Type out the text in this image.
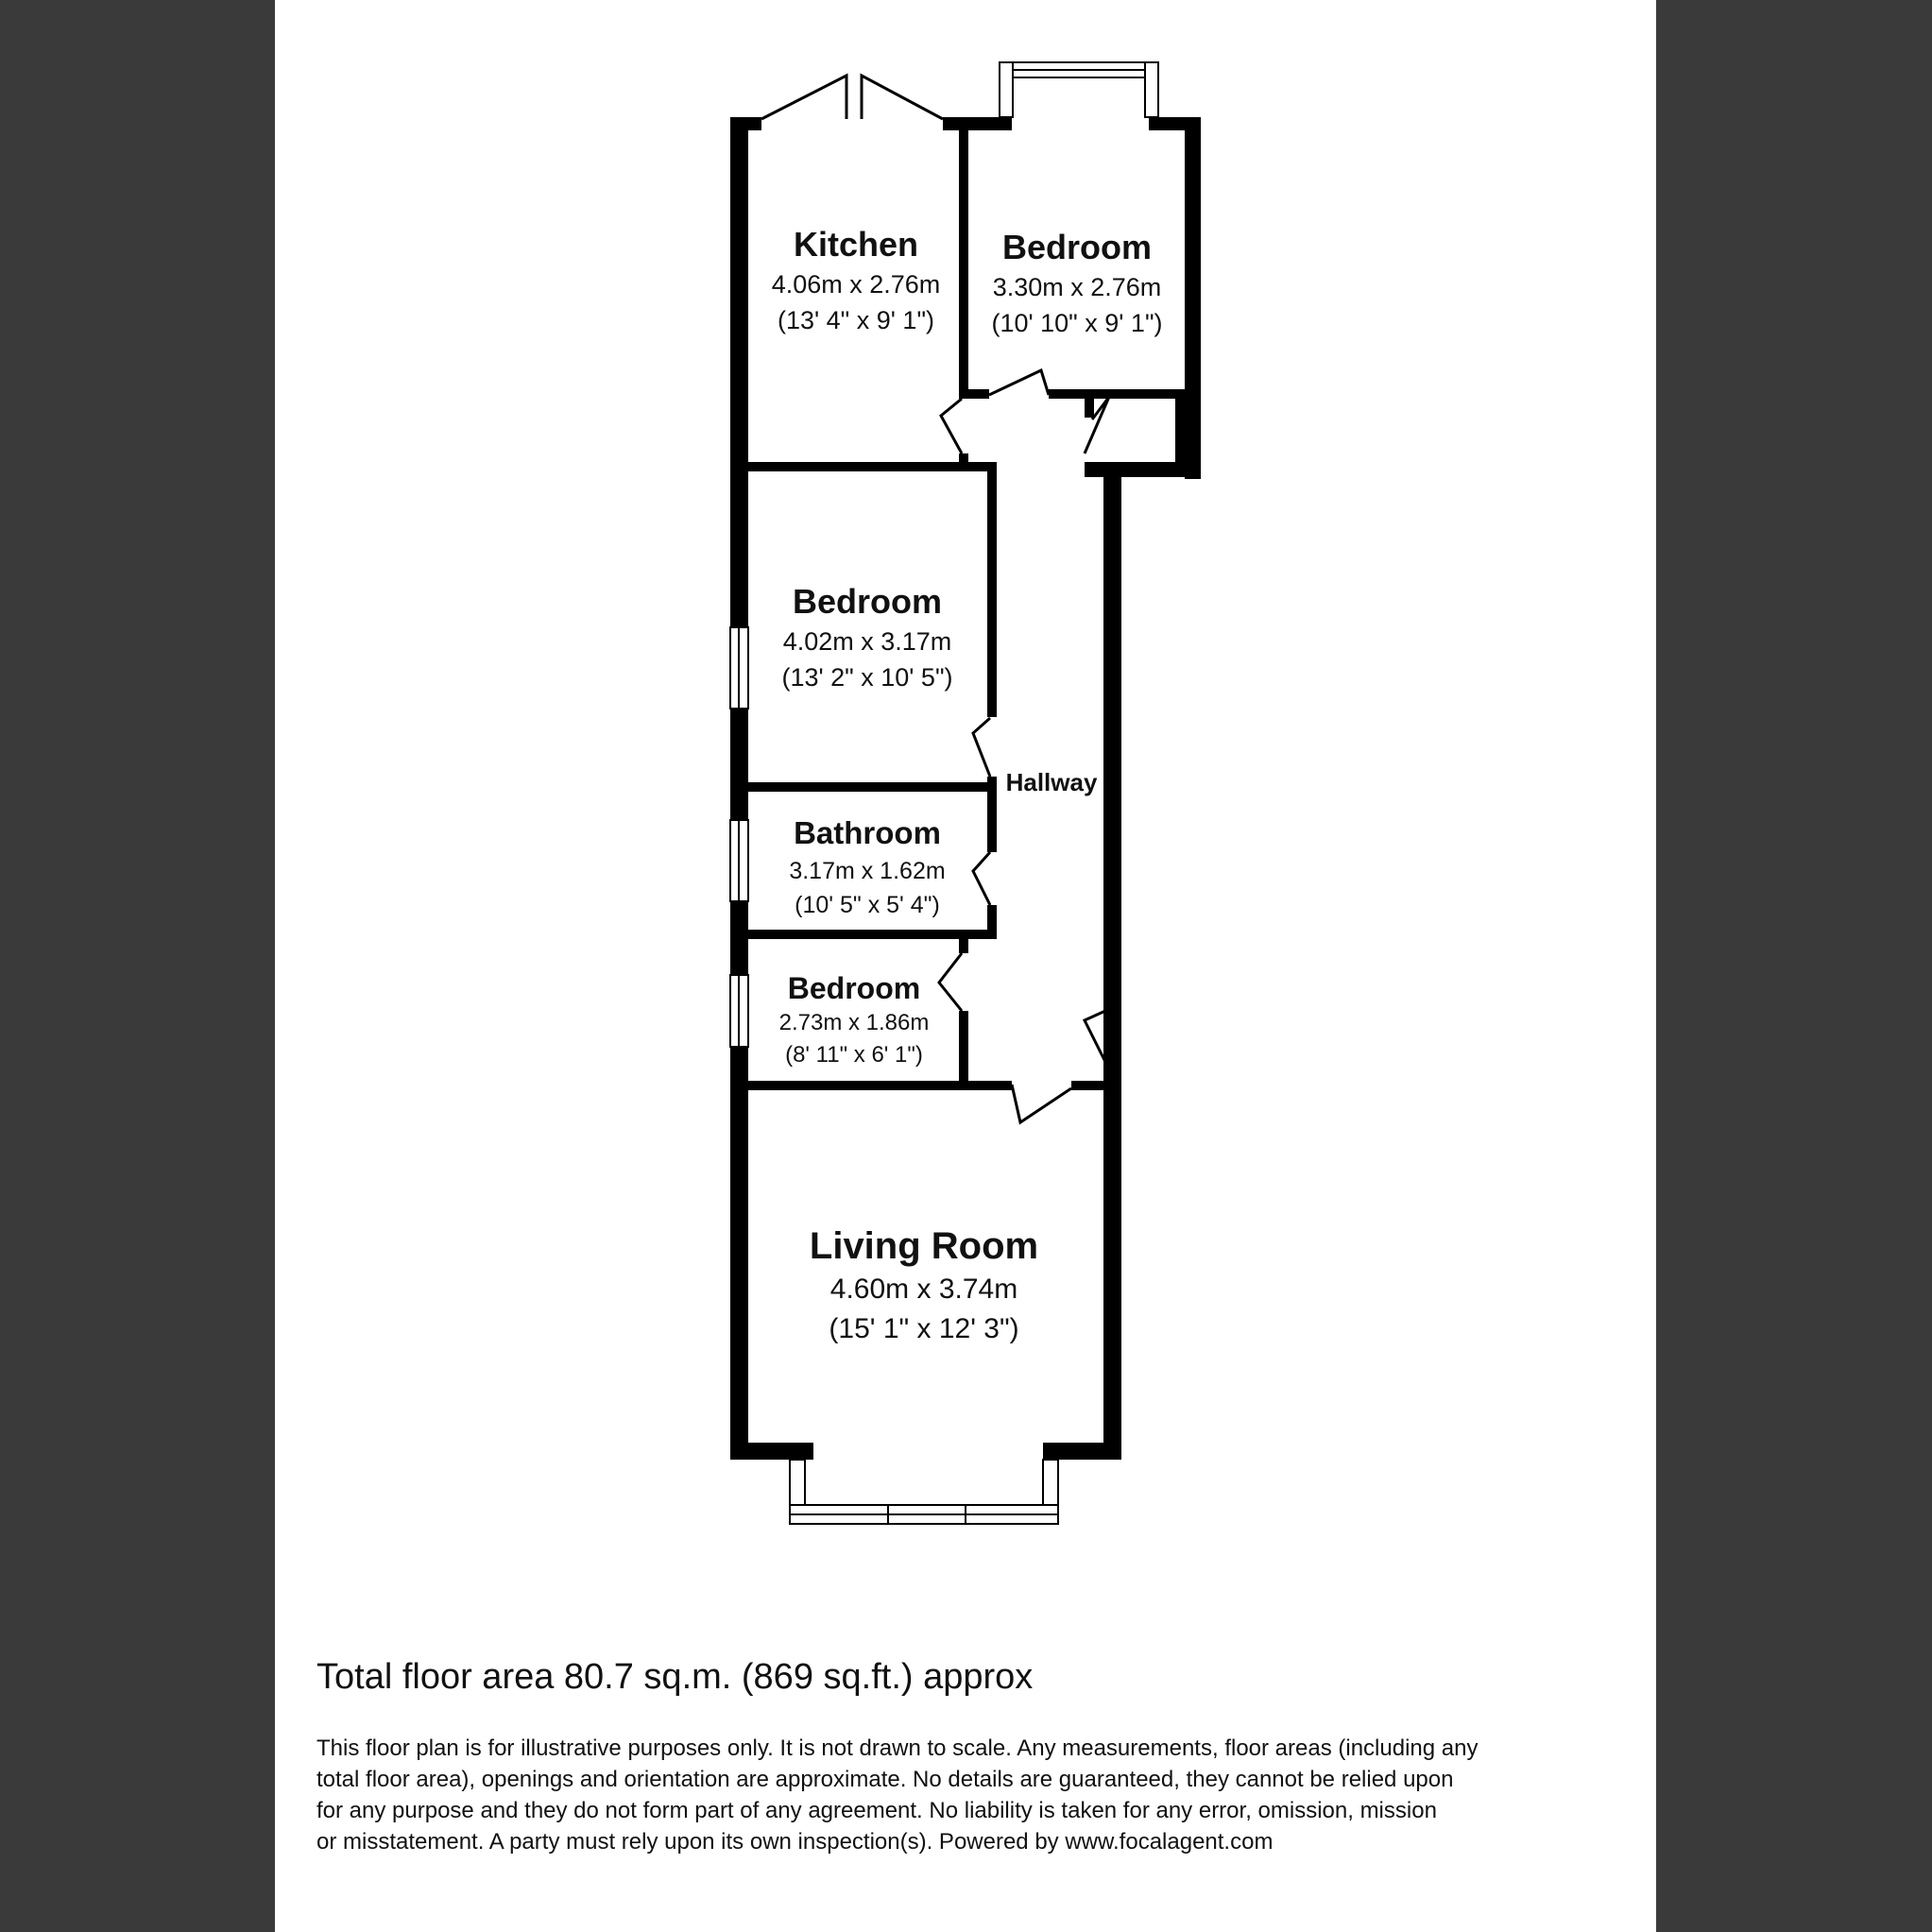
Kitchen
4.06m x 2.76m
(13' 4" x 9' 1")
Bedroom
3.30m x 2.76m
(10' 10" x 9' 1")
Bedroom
4.02m x 3.17m
(13' 2" x 10' 5")
Hallway
Bathroom
3.17m x 1.62m
(10' 5" x 5' 4")
Bedroom
2.73m x 1.86m
(8' 11" x 6' 1")
Living Room
4.60m x 3.74m
(15' 1" x 12' 3")
Total floor area 80.7 sq.m. (869 sq.ft.) approx
This floor plan is for illustrative purposes only. It is not drawn to scale. Any measurements, floor areas (including any
total floor area), openings and orientation are approximate. No details are guaranteed, they cannot be relied upon
for any purpose and they do not form part of any agreement. No liability is taken for any error, omission, mission
or misstatement. A party must rely upon its own inspection(s). Powered by www.focalagent.com
